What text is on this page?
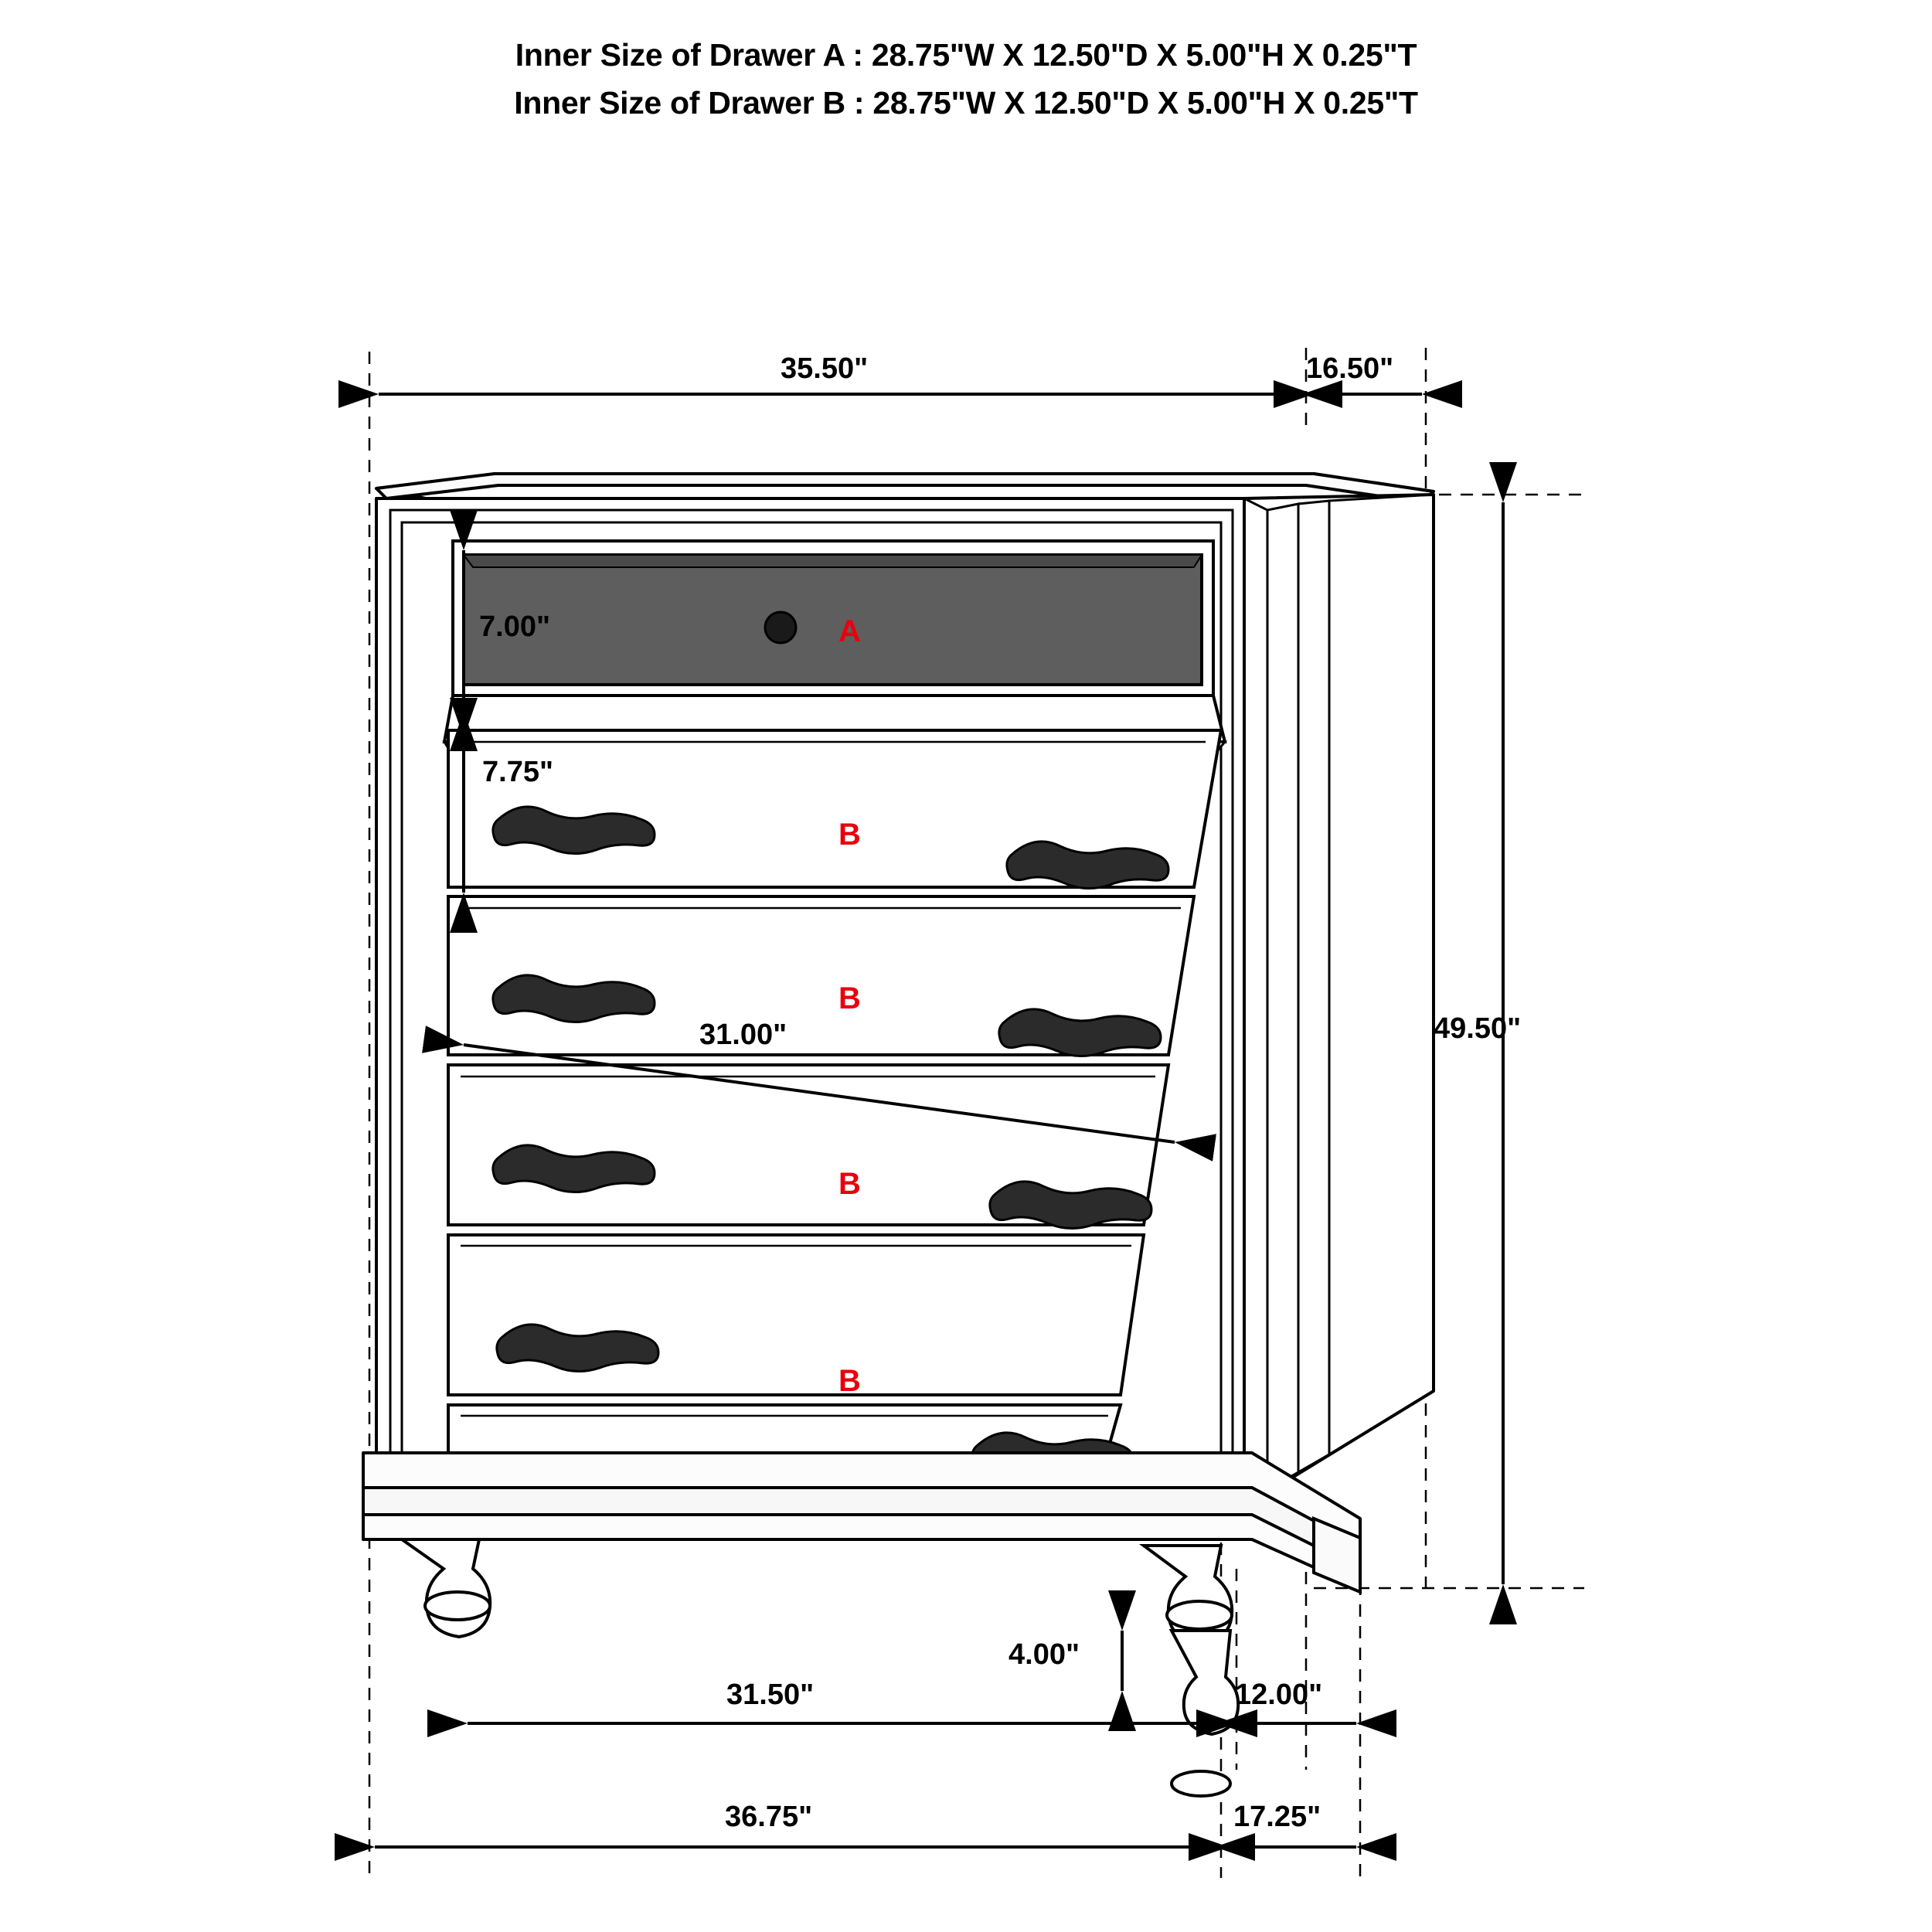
Inner Size of Drawer A : 28.75"W X 12.50"D X 5.00"H X 0.25"T
Inner Size of Drawer B : 28.75"W X 12.50"D X 5.00"H X 0.25"T
35.50"	16.50"
7.00"
7.75"
31.00"	49.50"
4.00"
31.50"	12.00"
36.75"	17.25"
A
B
B
B
B
